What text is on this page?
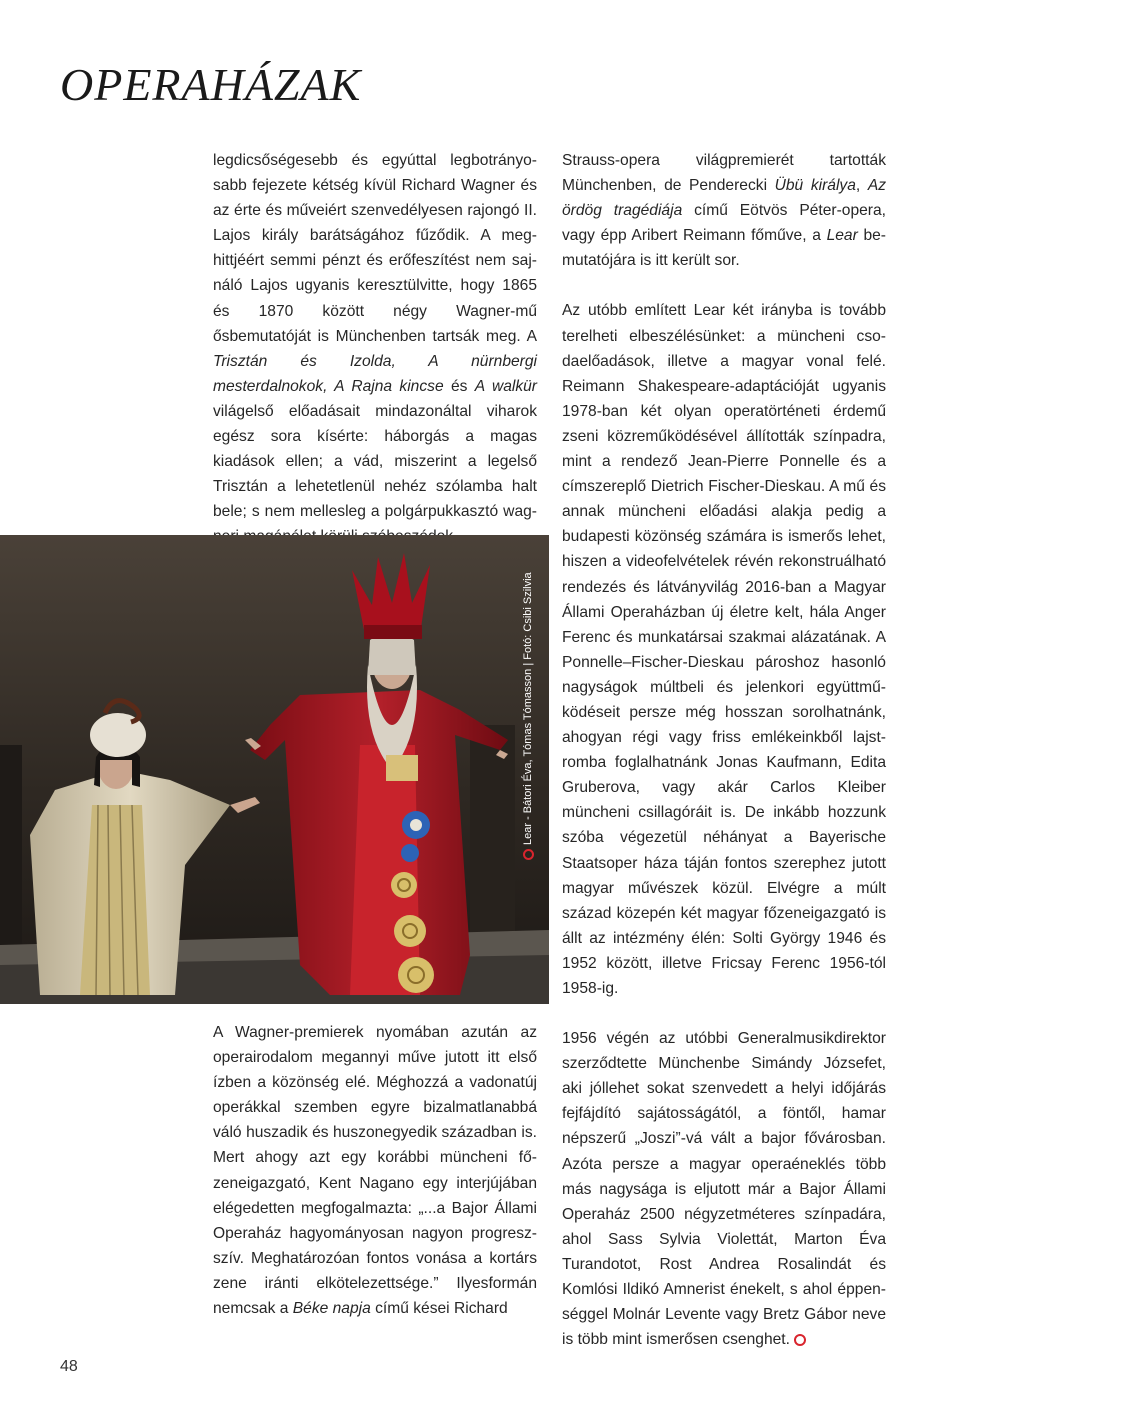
OPERAHÁZAK

legdicsőségesebb és egyúttal legbotrányosabb fejezete kétség kívül Richard Wagner és az érte és műveiért szenvedélyesen rajongó II. Lajos király barátságához fűződik. A meghittjéért semmi pénzt és erőfeszítést nem sajnáló Lajos ugyanis keresztülvitte, hogy 1865 és 1870 között négy Wagner-mű ősbemutatóját is Münchenben tartsák meg. A Trisztán és Izolda, A nürnbergi mesterdalnokok, A Rajna kincse és A walkür világelső előadásait mindazonáltal viharok egész sora kísérte: háborgás a magas kiadások ellen; a vád, miszerint a legelső Trisztán a lehetetlenül nehéz szólamba halt bele; s nem mellesleg a polgárpukkasztó wag

Lear - Bátori Éva, Tómas Tómasson | Fotó: Csibi Szilvia

A Wagner-premierek nyomában azután az operairodalom megannyi műve jutott itt első ízben a közönség elé. Méghozzá a vadonatúj operákkal szemben egyre bizalmatlanabbá váló huszadik és huszonegyedik században is. Mert ahogy azt egy korábbi müncheni főzeneigazgató, Kent Nagano egy interjújában elégedetten megfogalmazta: „...a Bajor Állami Operaház hagyományosan nagyon progreszszív. Meghatározóan fontos vonása a kortárs zene iránti elkötelezettsége.” Ilyesformán nemcsak a Béke napja című kései Richard

Strauss-opera világpremierét tartották Münchenben, de Penderecki Übü királya, Az ördög tragédiája című Eötvös Péter-opera, vagy épp Aribert Reimann főműve, a Lear bemutatójára is itt került sor.

Az utóbb említett Lear két irányba is tovább terelheti elbeszélésünket: a müncheni csodaelőadások, illetve a magyar vonal felé. Reimann Shakespeare-adaptációját ugyanis 1978-ban két olyan operatörténeti érdemű zseni közreműködésével állították színpadra, mint a rendező Jean-Pierre Ponnelle és a címszereplő Dietrich Fischer-Dieskau. A mű és annak müncheni előadási alakja pedig a budapesti közönség számára is ismerős lehet, hiszen a videofelvételek révén rekonstruálható rendezés és látványvilág 2016-ban a Magyar Állami Operaházban új életre kelt, hála Anger Ferenc és munkatársai szakmai alázatának. A Ponnelle–Fischer-Dieskau pároshoz hasonló nagyságok múltbeli és jelenkori együttműködéseit persze még hosszan sorolhatnánk, ahogyan régi vagy friss emlékeinkből lajstromba foglalhatnánk Jonas Kaufmann, Edita Gruberova, vagy akár Carlos Kleiber müncheni csillagóráit is. De inkább hozzunk szóba végezetül néhányat a Bayerische Staatsoper háza táján fontos szerephez jutott magyar művészek közül. Elvégre a múlt század közepén két magyar főzeneigazgató is állt az intézmény élén: Solti György 1946 és 1952 között, illetve Fricsay Ferenc 1956-tól 1958-ig.

1956 végén az utóbbi Generalmusikdirektor szerződtette Münchenbe Simándy Józsefet, aki jóllehet sokat szenvedett a helyi időjárás fejfájdító sajátosságától, a föntől, hamar népszerű „Joszi”-vá vált a bajor fővárosban. Azóta persze a magyar operaéneklés több más nagysága is eljutott már a Bajor Állami Operaház 2500 négyzetméteres színpadára, ahol Sass Sylvia Violettát, Marton Éva Turandotot, Rost Andrea Rosalindát és Komlósi Ildikó Amnerist énekelt, s ahol éppenséggel Molnár Levente vagy Bretz Gábor neve is több mint ismerősen csenghet.

48
